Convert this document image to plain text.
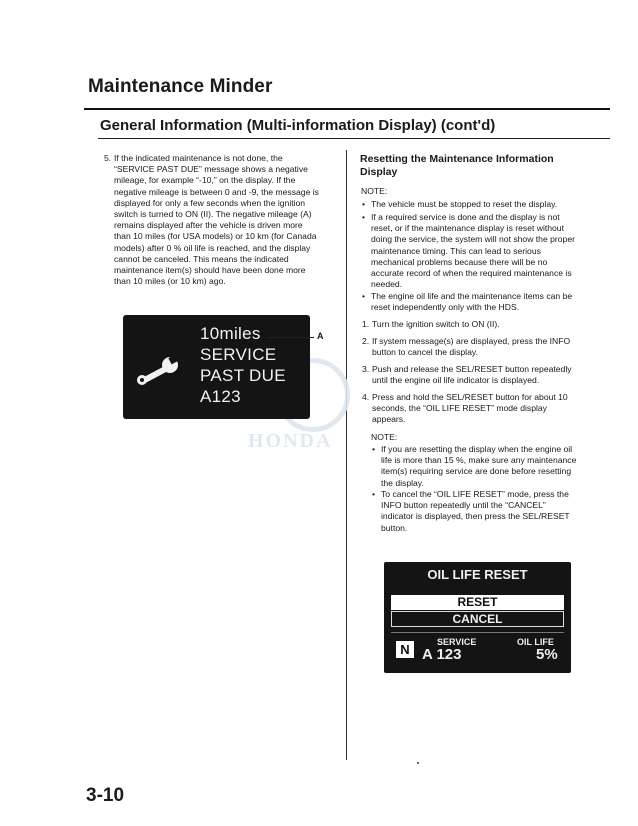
Maintenance Minder
General Information (Multi-information Display) (cont'd)
5. If the indicated maintenance is not done, the
“SERVICE PAST DUE” message shows a negative
mileage, for example “-10,” on the display. If the
negative mileage is between 0 and -9, the message is
displayed for only a few seconds when the ignition
switch is turned to ON (II). The negative mileage (A)
remains displayed after the vehicle is driven more
than 10 miles (for USA models) or 10 km (for Canada
models) after 0 % oil life is reached, and the display
cannot be canceled. This means the indicated
maintenance item(s) should have been done more
than 10 miles (or 10 km) ago.
HONDA
10miles
SERVICE
PAST DUE
A123
A
Resetting the Maintenance Information
Display
NOTE:
• The vehicle must be stopped to reset the display.
• If a required service is done and the display is not
reset, or if the maintenance display is reset without
doing the service, the system will not show the proper
maintenance timing. This can lead to serious
mechanical problems because there will be no
accurate record of when the required maintenance is
needed.
• The engine oil life and the maintenance items can be
reset independently only with the HDS.
1. Turn the ignition switch to ON (II).
2. If system message(s) are displayed, press the INFO
button to cancel the display.
3. Push and release the SEL/RESET button repeatedly
until the engine oil life indicator is displayed.
4. Press and hold the SEL/RESET button for about 10
seconds, the “OIL LIFE RESET” mode display
appears.
NOTE:
• If you are resetting the display when the engine oil
life is more than 15 %, make sure any maintenance
item(s) requiring service are done before resetting
the display.
• To cancel the “OIL LIFE RESET” mode, press the
INFO button repeatedly until the “CANCEL”
indicator is displayed, then press the SEL/RESET
button.
OIL LIFE RESET
RESET
CANCEL
N	SERVICE
A 123
OIL LIFE
5%
3-10
